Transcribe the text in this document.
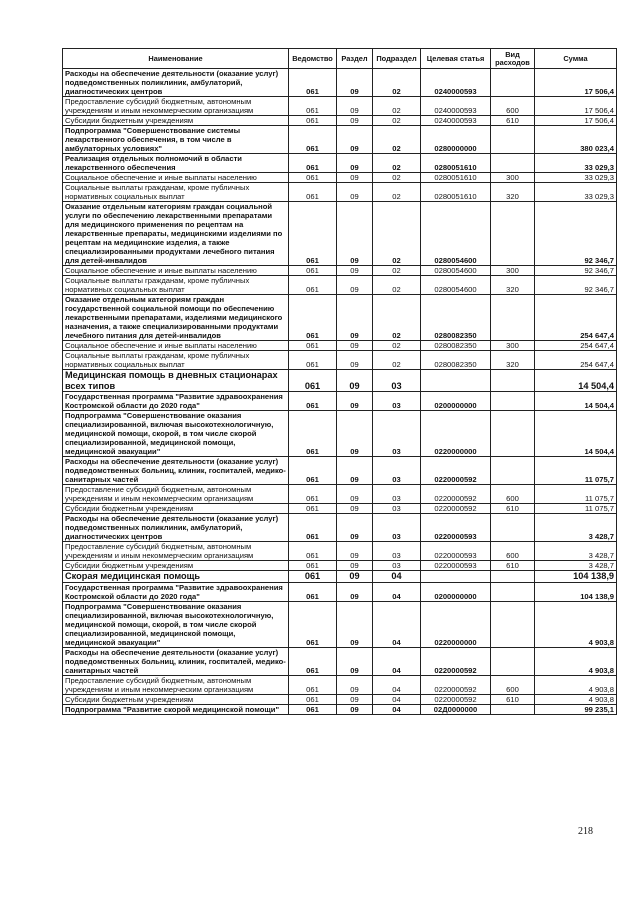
Наименование	Ведомство	Раздел	Подраздел	Целевая статья	Вид расходов	Сумма
Расходы на обеспечение деятельности (оказание услуг) подведомственных поликлиник, амбулаторий, диагностических центров	061	09	02	0240000593		17 506,4
Предоставление субсидий бюджетным, автономным учреждениям и иным некоммерческим организациям	061	09	02	0240000593	600	17 506,4
Субсидии бюджетным учреждениям	061	09	02	0240000593	610	17 506,4
Подпрограмма "Совершенствование системы лекарственного обеспечения, в том числе в амбулаторных условиях"	061	09	02	0280000000		380 023,4
Реализация отдельных полномочий в области лекарственного обеспечения	061	09	02	0280051610		33 029,3
Социальное обеспечение и иные выплаты населению	061	09	02	0280051610	300	33 029,3
Социальные выплаты гражданам, кроме публичных нормативных социальных выплат	061	09	02	0280051610	320	33 029,3
Оказание отдельным категориям граждан социальной услуги по обеспечению лекарственными препаратами для медицинского применения по рецептам на лекарственные препараты, медицинскими изделиями по рецептам на медицинские изделия, а также специализированными продуктами лечебного питания для детей-инвалидов	061	09	02	0280054600		92 346,7
Социальное обеспечение и иные выплаты населению	061	09	02	0280054600	300	92 346,7
Социальные выплаты гражданам, кроме публичных нормативных социальных выплат	061	09	02	0280054600	320	92 346,7
Оказание отдельным категориям граждан государственной социальной помощи по обеспечению лекарственными препаратами, изделиями медицинского назначения, а также специализированными продуктами лечебного питания для детей-инвалидов	061	09	02	0280082350		254 647,4
Социальное обеспечение и иные выплаты населению	061	09	02	0280082350	300	254 647,4
Социальные выплаты гражданам, кроме публичных нормативных социальных выплат	061	09	02	0280082350	320	254 647,4
Медицинская помощь в дневных стационарах всех типов	061	09	03			14 504,4
Государственная программа "Развитие здравоохранения Костромской области до 2020 года"	061	09	03	0200000000		14 504,4
Подпрограмма "Совершенствование оказания специализированной, включая высокотехнологичную, медицинской помощи, скорой, в том числе скорой специализированной, медицинской помощи, медицинской эвакуации"	061	09	03	0220000000		14 504,4
Расходы на обеспечение деятельности (оказание услуг) подведомственных больниц, клиник, госпиталей, медико-санитарных частей	061	09	03	0220000592		11 075,7
Предоставление субсидий бюджетным, автономным учреждениям и иным некоммерческим организациям	061	09	03	0220000592	600	11 075,7
Субсидии бюджетным учреждениям	061	09	03	0220000592	610	11 075,7
Расходы на обеспечение деятельности (оказание услуг) подведомственных поликлиник, амбулаторий, диагностических центров	061	09	03	0220000593		3 428,7
Предоставление субсидий бюджетным, автономным учреждениям и иным некоммерческим организациям	061	09	03	0220000593	600	3 428,7
Субсидии бюджетным учреждениям	061	09	03	0220000593	610	3 428,7
Скорая медицинская помощь	061	09	04			104 138,9
Государственная программа "Развитие здравоохранения Костромской области до 2020 года"	061	09	04	0200000000		104 138,9
Подпрограмма "Совершенствование оказания специализированной, включая высокотехнологичную, медицинской помощи, скорой, в том числе скорой специализированной, медицинской помощи, медицинской эвакуации"	061	09	04	0220000000		4 903,8
Расходы на обеспечение деятельности (оказание услуг) подведомственных больниц, клиник, госпиталей, медико-санитарных частей	061	09	04	0220000592		4 903,8
Предоставление субсидий бюджетным, автономным учреждениям и иным некоммерческим организациям	061	09	04	0220000592	600	4 903,8
Субсидии бюджетным учреждениям	061	09	04	0220000592	610	4 903,8
Подпрограмма "Развитие скорой медицинской помощи"	061	09	04	02Д0000000		99 235,1
218
